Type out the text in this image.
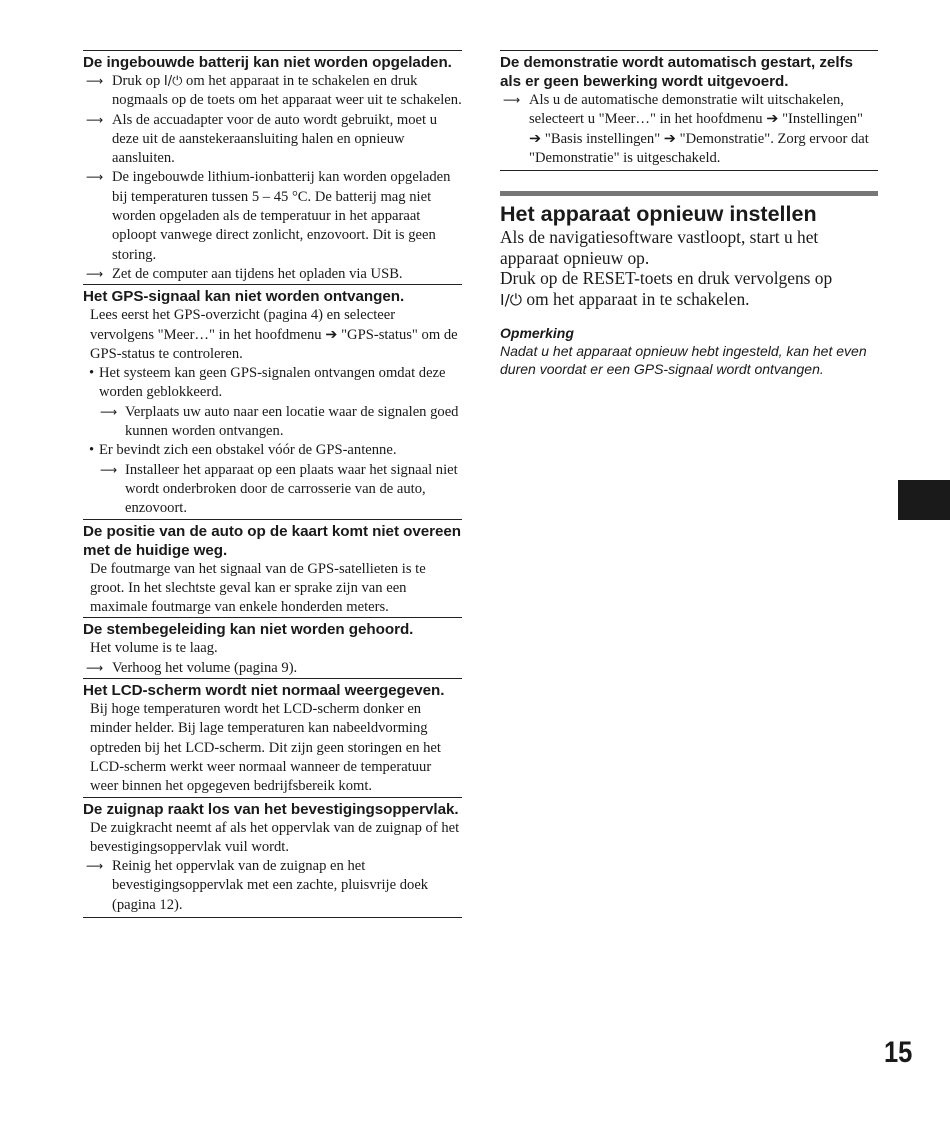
De ingebouwde batterij kan niet worden opgeladen.

⟶ Druk op I/⏻ om het apparaat in te schakelen en druk nogmaals op de toets om het apparaat weer uit te schakelen.

⟶ Als de accuadapter voor de auto wordt gebruikt, moet u deze uit de aanstekeraansluiting halen en opnieuw aansluiten.

⟶ De ingebouwde lithium-ionbatterij kan worden opgeladen bij temperaturen tussen 5 – 45 °C. De batterij mag niet worden opgeladen als de temperatuur in het apparaat oploopt vanwege direct zonlicht, enzovoort. Dit is geen storing.

⟶ Zet de computer aan tijdens het opladen via USB.

Het GPS-signaal kan niet worden ontvangen.

Lees eerst het GPS-overzicht (pagina 4) en selecteer vervolgens "Meer…" in het hoofdmenu ➔ "GPS-status" om de GPS-status te controleren.

• Het systeem kan geen GPS-signalen ontvangen omdat deze worden geblokkeerd.

⟶ Verplaats uw auto naar een locatie waar de signalen goed kunnen worden ontvangen.

• Er bevindt zich een obstakel vóór de GPS-antenne.

⟶ Installeer het apparaat op een plaats waar het signaal niet wordt onderbroken door de carrosserie van de auto, enzovoort.

De positie van de auto op de kaart komt niet overeen met de huidige weg.

De foutmarge van het signaal van de GPS-satellieten is te groot. In het slechtste geval kan er sprake zijn van een maximale foutmarge van enkele honderden meters.

De stembegeleiding kan niet worden gehoord.

Het volume is te laag.

⟶ Verhoog het volume (pagina 9).

Het LCD-scherm wordt niet normaal weergegeven.

Bij hoge temperaturen wordt het LCD-scherm donker en minder helder. Bij lage temperaturen kan nabeeldvorming optreden bij het LCD-scherm. Dit zijn geen storingen en het LCD-scherm werkt weer normaal wanneer de temperatuur weer binnen het opgegeven bedrijfsbereik komt.

De zuignap raakt los van het bevestigingsoppervlak.

De zuigkracht neemt af als het oppervlak van de zuignap of het bevestigingsoppervlak vuil wordt.

⟶ Reinig het oppervlak van de zuignap en het bevestigingsoppervlak met een zachte, pluisvrije doek (pagina 12).

De demonstratie wordt automatisch gestart, zelfs als er geen bewerking wordt uitgevoerd.

⟶ Als u de automatische demonstratie wilt uitschakelen, selecteert u "Meer…" in het hoofdmenu ➔ "Instellingen" ➔ "Basis instellingen" ➔ "Demonstratie". Zorg ervoor dat "Demonstratie" is uitgeschakeld.

Het apparaat opnieuw instellen

Als de navigatiesoftware vastloopt, start u het apparaat opnieuw op.

Druk op de RESET-toets en druk vervolgens op
I/⏻ om het apparaat in te schakelen.

Opmerking

Nadat u het apparaat opnieuw hebt ingesteld, kan het even duren voordat er een GPS-signaal wordt ontvangen.

15
